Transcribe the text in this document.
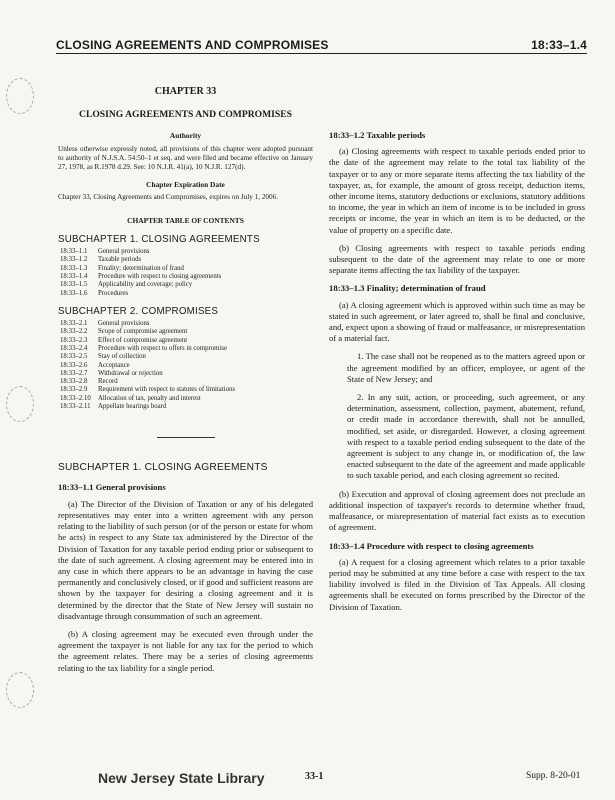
CLOSING AGREEMENTS AND COMPROMISES	18:33–1.4
CHAPTER 33
CLOSING AGREEMENTS AND COMPROMISES
Authority

Unless otherwise expressly noted, all provisions of this chapter were adopted pursuant to authority of N.J.S.A. 54:50–1 et seq. and were filed and became effective on January 27, 1978, as R.1978 d.29. See: 10 N.J.R. 41(a), 10 N.J.R. 127(d).

Chapter Expiration Date

Chapter 33, Closing Agreements and Compromises, expires on July 1, 2006.

CHAPTER TABLE OF CONTENTS
SUBCHAPTER 1. CLOSING AGREEMENTS
18:33–1.1	General provisions
18:33–1.2	Taxable periods
18:33–1.3	Finality; determination of fraud
18:33–1.4	Procedure with respect to closing agreements
18:33–1.5	Applicability and coverage; policy
18:33–1.6	Procedures
SUBCHAPTER 2. COMPROMISES
18:33–2.1	General provisions
18:33–2.2	Scope of compromise agreement
18:33–2.3	Effect of compromise agreement
18:33–2.4	Procedure with respect to offers in compromise
18:33–2.5	Stay of collection
18:33–2.6	Acceptance
18:33–2.7	Withdrawal or rejection
18:33–2.8	Record
18:33–2.9	Requirement with respect to statutes of limitations
18:33–2.10	Allocation of tax, penalty and interest
18:33–2.11	Appellate hearings board
SUBCHAPTER 1. CLOSING AGREEMENTS
18:33–1.1 General provisions

(a) The Director of the Division of Taxation or any of his delegated representatives may enter into a written agreement with any person relating to the liability of such person (or of the person or estate for whom he acts) in respect to any State tax administered by the Director of the Division of Taxation for any taxable period ending prior or subsequent to the date of such agreement. A closing agreement may be entered into in any case in which there appears to be an advantage in having the case permanently and conclusively closed, or if good and sufficient reasons are shown by the taxpayer for desiring a closing agreement and it is determined by the director that the State of New Jersey will sustain no disadvantage through consummation of such an agreement.

(b) A closing agreement may be executed even through under the agreement the taxpayer is not liable for any tax for the period to which the agreement relates. There may be a series of closing agreements relating to the tax liability for a single period.

18:33–1.2 Taxable periods

(a) Closing agreements with respect to taxable periods ended prior to the date of the agreement may relate to the total tax liability of the taxpayer or to any or more separate items affecting the tax liability of the taxpayer, as, for example, the amount of gross receipt, deduction items, other income items, statutory deductions or exclusions, statutory additions to income, the year in which an item of income is to be included in gross receipts or income, the year in which an item is to be deducted, or the value of property on a specific date.

(b) Closing agreements with respect to taxable periods ending subsequent to the date of the agreement may relate to one or more separate items affecting the tax liability of the taxpayer.

18:33–1.3 Finality; determination of fraud

(a) A closing agreement which is approved within such time as may be stated in such agreement, or later agreed to, shall be final and conclusive, and, expect upon a showing of fraud or malfeasance, or misrepresentation of a material fact.

1. The case shall not be reopened as to the matters agreed upon or the agreement modified by an officer, employee, or agent of the State of New Jersey; and

2. In any suit, action, or proceeding, such agreement, or any determination, assessment, collection, payment, abatement, refund, or credit made in accordance therewith, shall not be annulled, modified, set aside, or disregarded. However, a closing agreement with respect to a taxable period ending subsequent to the date of the agreement is subject to any change in, or modification of, the law enacted subsequent to the date of the agreement and made applicable to such taxable period, and each closing agreement so recited.

(b) Execution and approval of closing agreement does not preclude an additional inspection of taxpayer's records to determine whether fraud, malfeasance, or misrepresentation of material fact exists as to execution of agreement.

18:33–1.4 Procedure with respect to closing agreements

(a) A request for a closing agreement which relates to a prior taxable period may be submitted at any time before a case with respect to the tax liability involved is filed in the Division of Tax Appeals. All closing agreements shall be executed on forms prescribed by the Director of the Division of Taxation.

New Jersey State Library	33-1	Supp. 8-20-01
